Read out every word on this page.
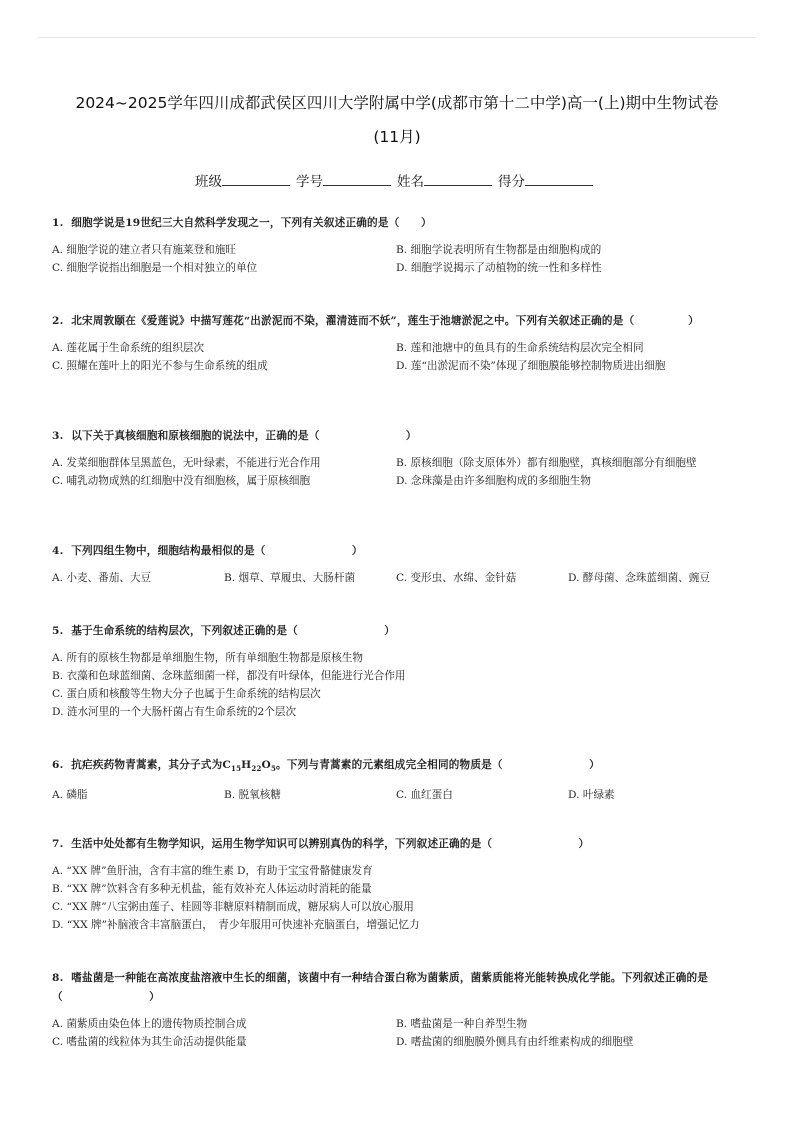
2024~2025学年四川成都武侯区四川大学附属中学(成都市第十二中学)高一(上)期中生物试卷
(11月)
班级	学号	姓名	得分
1. 细胞学说是19世纪三大自然科学发现之一，下列有关叙述正确的是（　　）
A. 细胞学说的建立者只有施莱登和施旺	B. 细胞学说表明所有生物都是由细胞构成的
C. 细胞学说指出细胞是一个相对独立的单位	D. 细胞学说揭示了动植物的统一性和多样性
2. 北宋周敦颐在《爱莲说》中描写莲花“出淤泥而不染，濯清涟而不妖”，莲生于池塘淤泥之中。下列有关叙述正确的是（　　　　　）
A. 莲花属于生命系统的组织层次	B. 莲和池塘中的鱼具有的生命系统结构层次完全相同
C. 照耀在莲叶上的阳光不参与生命系统的组成	D. 莲“出淤泥而不染”体现了细胞膜能够控制物质进出细胞
3. 以下关于真核细胞和原核细胞的说法中，正确的是（　　　　　　　　）
A. 发菜细胞群体呈黑蓝色，无叶绿素，不能进行光合作用	B. 原核细胞（除支原体外）都有细胞壁，真核细胞部分有细胞壁
C. 哺乳动物成熟的红细胞中没有细胞核，属于原核细胞	D. 念珠藻是由许多细胞构成的多细胞生物
4. 下列四组生物中，细胞结构最相似的是（　　　　　　　　）
A. 小麦、番茄、大豆	B. 烟草、草履虫、大肠杆菌	C. 变形虫、水绵、金针菇	D. 酵母菌、念珠蓝细菌、豌豆
5. 基于生命系统的结构层次，下列叙述正确的是（　　　　　　　　）
A. 所有的原核生物都是单细胞生物，所有单细胞生物都是原核生物
B. 衣藻和色球蓝细菌、念珠蓝细菌一样，都没有叶绿体，但能进行光合作用
C. 蛋白质和核酸等生物大分子也属于生命系统的结构层次
D. 涟水河里的一个大肠杆菌占有生命系统的2个层次
6. 抗疟疾药物青蒿素，其分子式为$C_{15}H_{22}O_5$。下列与青蒿素的元素组成完全相同的物质是（　　　　　　　　）
A. 磷脂	B. 脱氧核糖	C. 血红蛋白	D. 叶绿素
7. 生活中处处都有生物学知识，运用生物学知识可以辨别真伪的科学，下列叙述正确的是（　　　　　　　　）
A. “XX 牌”鱼肝油，含有丰富的维生素 D，有助于宝宝骨骼健康发育
B. “XX 牌”饮料含有多种无机盐，能有效补充人体运动时消耗的能量
C. “XX 牌”八宝粥由莲子、桂圆等非糖原料精制而成，糖尿病人可以放心服用
D. “XX 牌”补脑液含丰富脑蛋白，　青少年服用可快速补充脑蛋白，增强记忆力
8. 嗜盐菌是一种能在高浓度盐溶液中生长的细菌，该菌中有一种结合蛋白称为菌紫质，菌紫质能将光能转换成化学能。下列叙述正确的是（　　　　　　　　）
A. 菌紫质由染色体上的遗传物质控制合成	B. 嗜盐菌是一种自养型生物
C. 嗜盐菌的线粒体为其生命活动提供能量	D. 嗜盐菌的细胞膜外侧具有由纤维素构成的细胞壁
